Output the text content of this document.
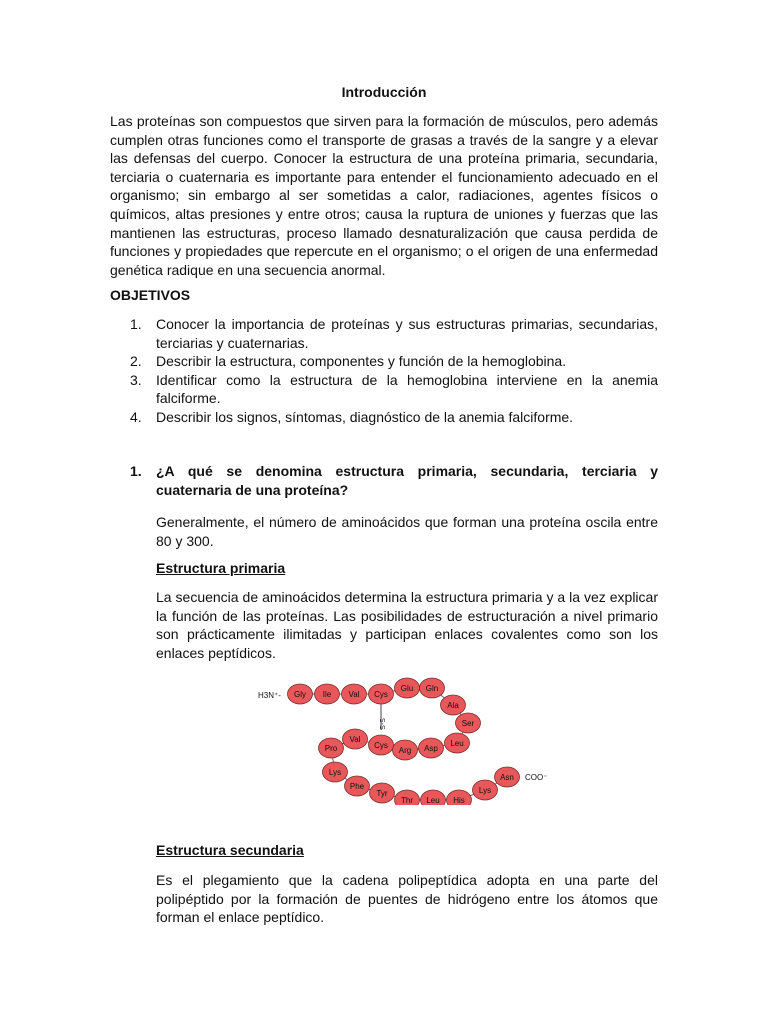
Introducción

Las proteínas son compuestos que sirven para la formación de músculos, pero además cumplen otras funciones como el transporte de grasas a través de la sangre y a elevar las defensas del cuerpo. Conocer la estructura de una proteína primaria, secundaria, terciaria o cuaternaria es importante para entender el funcionamiento adecuado en el organismo; sin embargo al ser sometidas a calor, radiaciones, agentes físicos o químicos, altas presiones y entre otros; causa la ruptura de uniones y fuerzas que las mantienen las estructuras, proceso llamado desnaturalización que causa perdida de funciones y propiedades que repercute en el organismo; o el origen de una enfermedad genética radique en una secuencia anormal.

OBJETIVOS
1. Conocer la importancia de proteínas y sus estructuras primarias, secundarias, terciarias y cuaternarias.
2. Describir la estructura, componentes y función de la hemoglobina.
3. Identificar como la estructura de la hemoglobina interviene en la anemia falciforme.
4. Describir los signos, síntomas, diagnóstico de la anemia falciforme.
1.	¿A qué se denomina estructura primaria, secundaria, terciaria y cuaternaria de una proteína?

Generalmente, el número de aminoácidos que forman una proteína oscila entre 80 y 300.

Estructura primaria

La secuencia de aminoácidos determina la estructura primaria y a la vez explicar la función de las proteínas. Las posibilidades de estructuración a nivel primario son prácticamente ilimitadas y participan enlaces covalentes como son los enlaces peptídicos.

S-S
H3N⁺-
COO⁻
Gly Ile Val Cys
Glu Gln
Ala
Ser
Leu
Asp
Arg
Cys
Val
Pro
Lys
Phe
Tyr
Thr Leu His
Lys
Asn
Estructura secundaria

Es el plegamiento que la cadena polipeptídica adopta en una parte del polipéptido por la formación de puentes de hidrógeno entre los átomos que forman el enlace peptídico.
